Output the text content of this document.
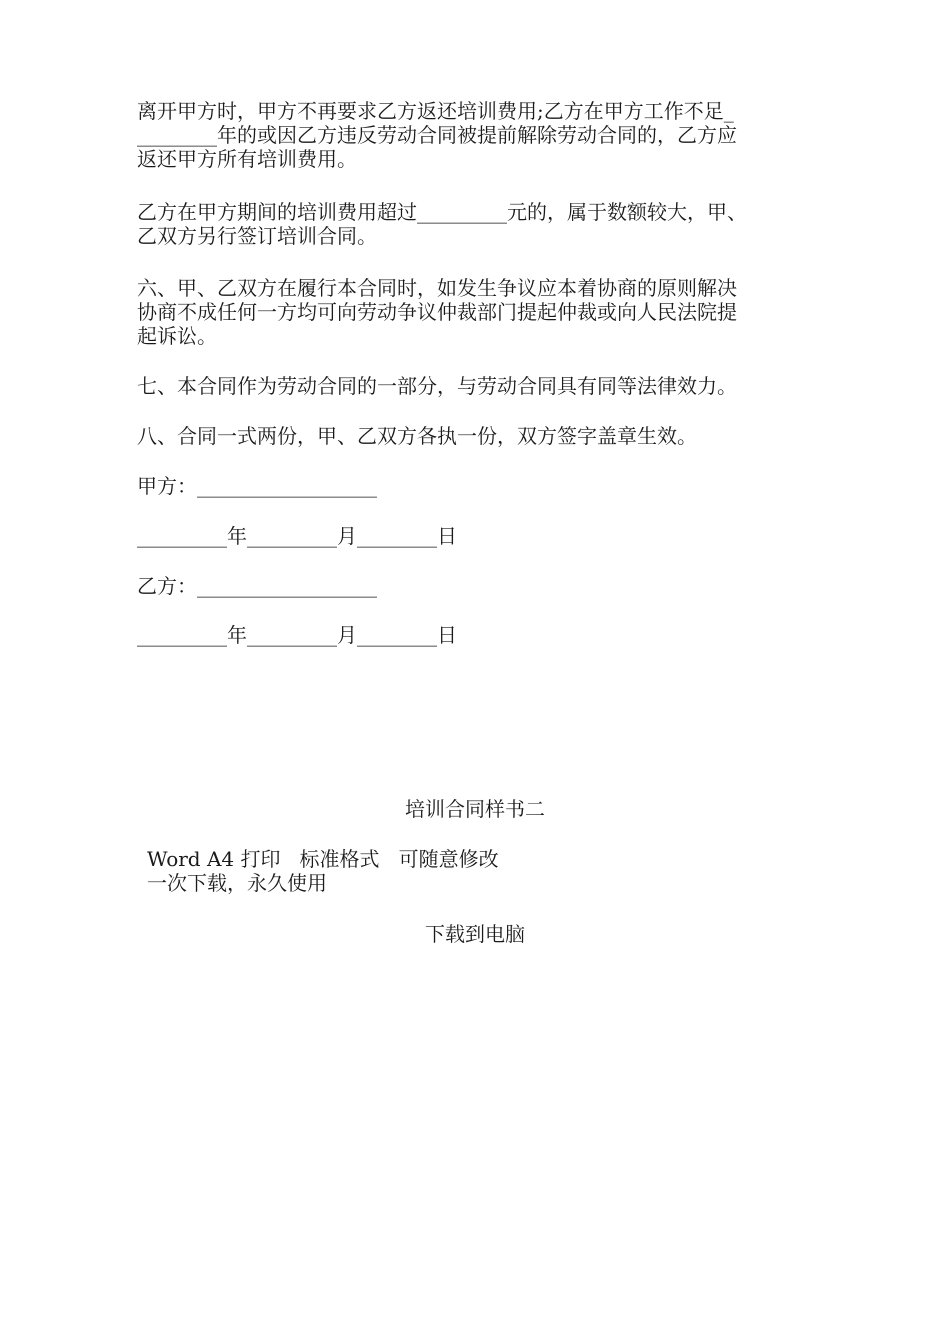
离开甲方时，甲方不再要求乙方返还培训费用;乙方在甲方工作不足_
________年的或因乙方违反劳动合同被提前解除劳动合同的，乙方应
返还甲方所有培训费用。
乙方在甲方期间的培训费用超过_________元的，属于数额较大，甲、
乙双方另行签订培训合同。
六、甲、乙双方在履行本合同时，如发生争议应本着协商的原则解决
协商不成任何一方均可向劳动争议仲裁部门提起仲裁或向人民法院提
起诉讼。
七、本合同作为劳动合同的一部分，与劳动合同具有同等法律效力。
八、合同一式两份，甲、乙双方各执一份，双方签字盖章生效。
甲方：__________________
_________年_________月________日
乙方：__________________
_________年_________月________日
培训合同样书二
Word A4 打印   标准格式   可随意修改
一次下载，永久使用
下载到电脑
